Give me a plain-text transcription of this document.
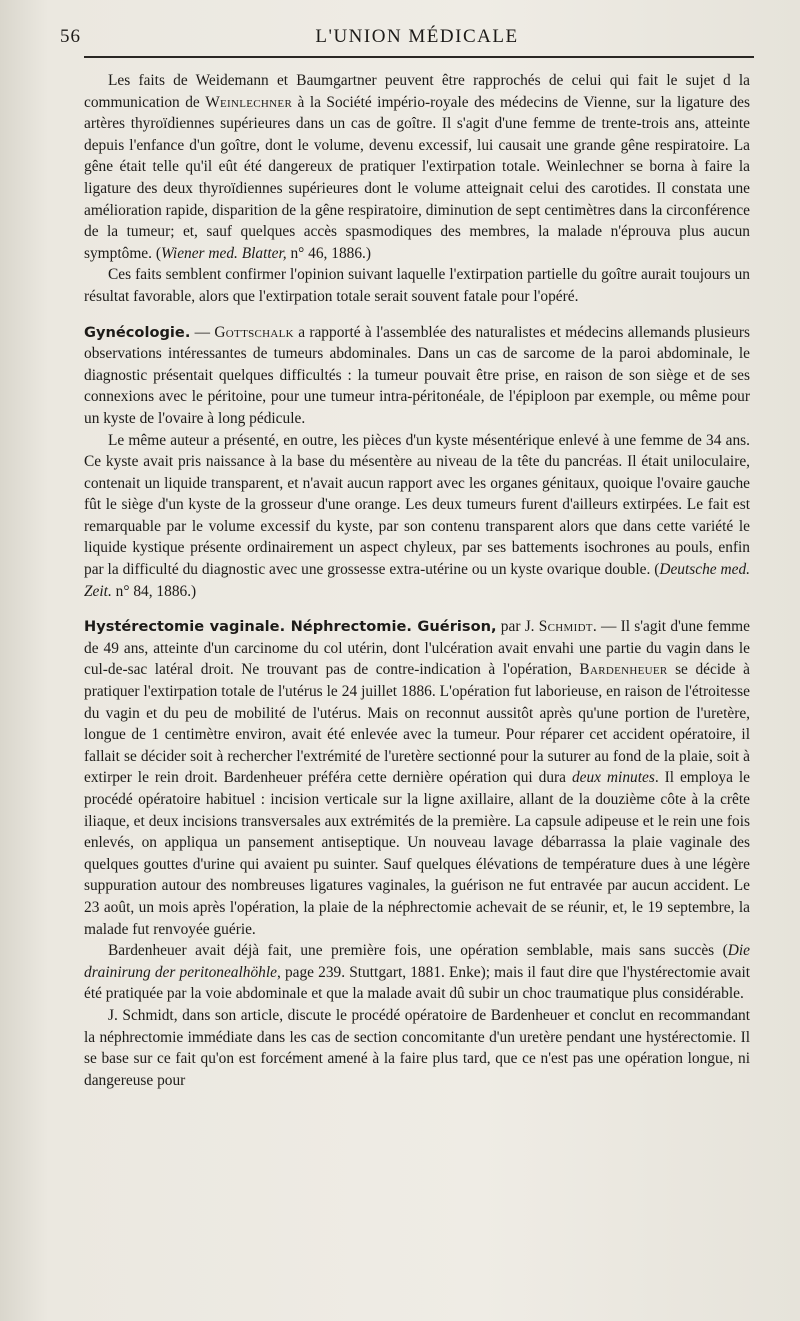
56	L'UNION MÉDICALE

Les faits de Weidemann et Baumgartner peuvent être rapprochés de celui qui fait le sujet d la communication de Weinlechner à la Société império-royale des médecins de Vienne, sur la ligature des artères thyroïdiennes supérieures dans un cas de goître. Il s'agit d'une femme de trente-trois ans, atteinte depuis l'enfance d'un goître, dont le volume, devenu excessif, lui causait une grande gêne respiratoire. La gêne était telle qu'il eût été dangereux de pratiquer l'extirpation totale. Weinlechner se borna à faire la ligature des deux thyroïdiennes supérieures dont le volume atteignait celui des carotides. Il constata une amélioration rapide, disparition de la gêne respiratoire, diminution de sept centimètres dans la circonférence de la tumeur; et, sauf quelques accès spasmodiques des membres, la malade n'éprouva plus aucun symptôme. (Wiener med. Blatter, n° 46, 1886.)

Ces faits semblent confirmer l'opinion suivant laquelle l'extirpation partielle du goître aurait toujours un résultat favorable, alors que l'extirpation totale serait souvent fatale pour l'opéré.

Gynécologie. — Gottschalk a rapporté à l'assemblée des naturalistes et médecins allemands plusieurs observations intéressantes de tumeurs abdominales. Dans un cas de sarcome de la paroi abdominale, le diagnostic présentait quelques difficultés : la tumeur pouvait être prise, en raison de son siège et de ses connexions avec le péritoine, pour une tumeur intra-péritonéale, de l'épiploon par exemple, ou même pour un kyste de l'ovaire à long pédicule.

Le même auteur a présenté, en outre, les pièces d'un kyste mésentérique enlevé à une femme de 34 ans. Ce kyste avait pris naissance à la base du mésentère au niveau de la tête du pancréas. Il était uniloculaire, contenait un liquide transparent, et n'avait aucun rapport avec les organes génitaux, quoique l'ovaire gauche fût le siège d'un kyste de la grosseur d'une orange. Les deux tumeurs furent d'ailleurs extirpées. Le fait est remarquable par le volume excessif du kyste, par son contenu transparent alors que dans cette variété le liquide kystique présente ordinairement un aspect chyleux, par ses battements isochrones au pouls, enfin par la difficulté du diagnostic avec une grossesse extra-utérine ou un kyste ovarique double. (Deutsche med. Zeit. n° 84, 1886.)

Hystérectomie vaginale. Néphrectomie. Guérison, par J. Schmidt. — Il s'agit d'une femme de 49 ans, atteinte d'un carcinome du col utérin, dont l'ulcération avait envahi une partie du vagin dans le cul-de-sac latéral droit. Ne trouvant pas de contre-indication à l'opération, Bardenheuer se décide à pratiquer l'extirpation totale de l'utérus le 24 juillet 1886. L'opération fut laborieuse, en raison de l'étroitesse du vagin et du peu de mobilité de l'utérus. Mais on reconnut aussitôt après qu'une portion de l'uretère, longue de 1 centimètre environ, avait été enlevée avec la tumeur. Pour réparer cet accident opératoire, il fallait se décider soit à rechercher l'extrémité de l'uretère sectionné pour la suturer au fond de la plaie, soit à extirper le rein droit. Bardenheuer préféra cette dernière opération qui dura deux minutes. Il employa le procédé opératoire habituel : incision verticale sur la ligne axillaire, allant de la douzième côte à la crête iliaque, et deux incisions transversales aux extrémités de la première. La capsule adipeuse et le rein une fois enlevés, on appliqua un pansement antiseptique. Un nouveau lavage débarrassa la plaie vaginale des quelques gouttes d'urine qui avaient pu suinter. Sauf quelques élévations de température dues à une légère suppuration autour des nombreuses ligatures vaginales, la guérison ne fut entravée par aucun accident. Le 23 août, un mois après l'opération, la plaie de la néphrectomie achevait de se réunir, et, le 19 septembre, la malade fut renvoyée guérie.

Bardenheuer avait déjà fait, une première fois, une opération semblable, mais sans succès (Die drainirung der peritonealhöhle, page 239. Stuttgart, 1881. Enke); mais il faut dire que l'hystérectomie avait été pratiquée par la voie abdominale et que la malade avait dû subir un choc traumatique plus considérable.

J. Schmidt, dans son article, discute le procédé opératoire de Bardenheuer et conclut en recommandant la néphrectomie immédiate dans les cas de section concomitante d'un uretère pendant une hystérectomie. Il se base sur ce fait qu'on est forcément amené à la faire plus tard, que ce n'est pas une opération longue, ni dangereuse pour
